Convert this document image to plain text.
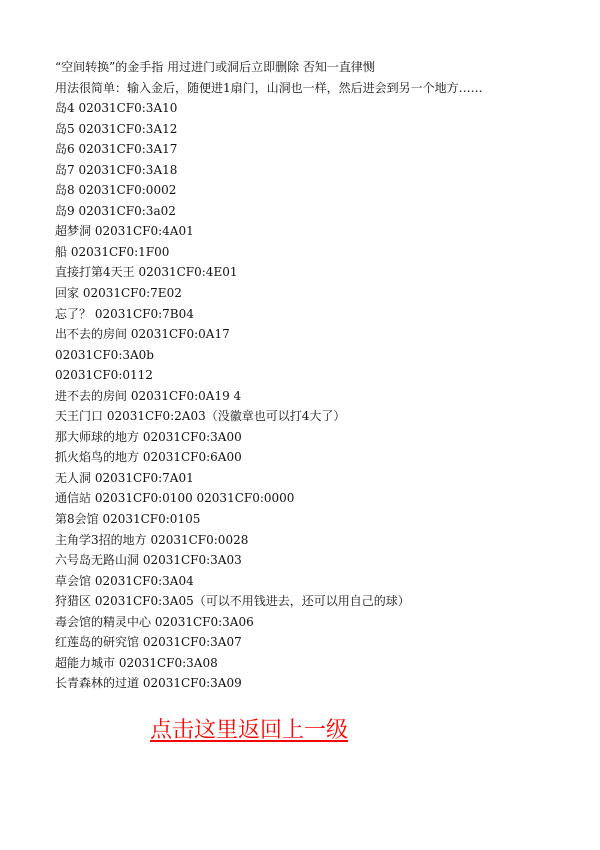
“空间转换”的金手指 用过进门或洞后立即删除 否知一直律恻
用法很简单：输入金后，随便进1扇门，山洞也一样，然后进会到另一个地方……
岛4 02031CF0:3A10
岛5 02031CF0:3A12
岛6 02031CF0:3A17
岛7 02031CF0:3A18
岛8 02031CF0:0002
岛9 02031CF0:3a02
超梦洞 02031CF0:4A01
船 02031CF0:1F00
直接打第4天王 02031CF0:4E01
回家 02031CF0:7E02
忘了？ 02031CF0:7B04
出不去的房间 02031CF0:0A17
02031CF0:3A0b
02031CF0:0112
进不去的房间 02031CF0:0A19 4
天王门口 02031CF0:2A03（没徽章也可以打4大了）
那大师球的地方 02031CF0:3A00
抓火焰鸟的地方 02031CF0:6A00
无人洞 02031CF0:7A01
通信站 02031CF0:0100 02031CF0:0000
第8会馆 02031CF0:0105
主角学3招的地方 02031CF0:0028
六号岛无路山洞 02031CF0:3A03
草会馆 02031CF0:3A04
狩猎区 02031CF0:3A05（可以不用钱进去，还可以用自己的球）
毒会馆的精灵中心 02031CF0:3A06
红莲岛的研究馆 02031CF0:3A07
超能力城市 02031CF0:3A08
长青森林的过道 02031CF0:3A09
点击这里返回上一级
